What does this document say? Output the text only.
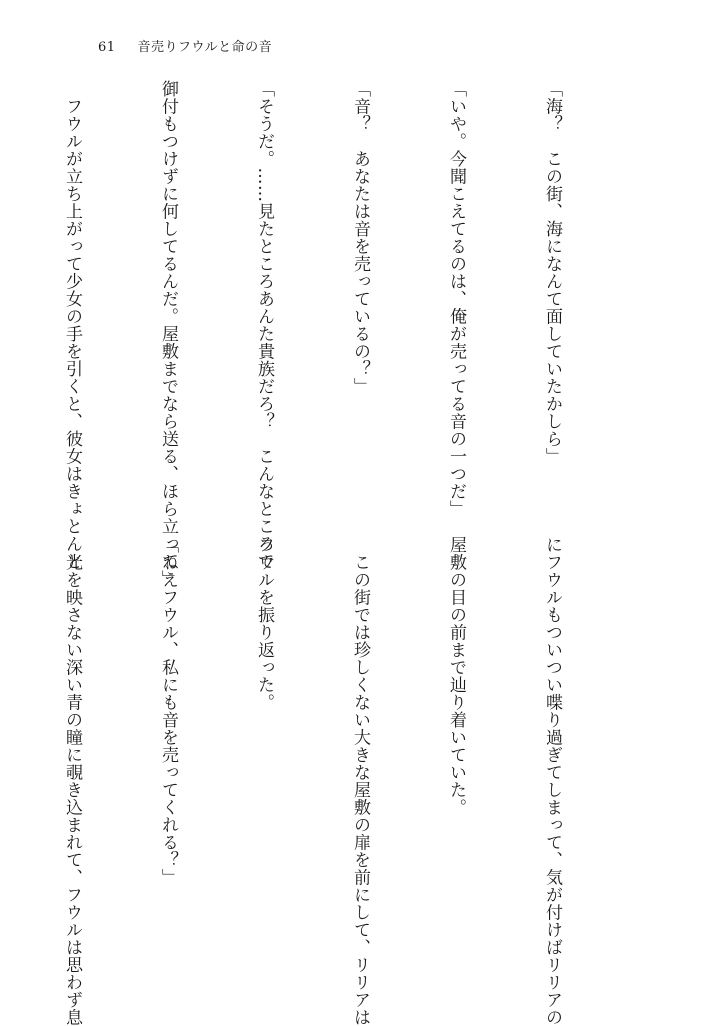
61 音売りフウルと命の音

「海？　この街、海になんて面していたかしら」

「いや。今聞こえてるのは、俺が売ってる音の一つだ」

「音？　あなたは音を売っているの？」

「そうだ。……見たところあんた貴族だろ？　こんなところで

御付もつけずに何してるんだ。屋敷までなら送る、ほら立って」

　フウルが立ち上がって少女の手を引くと、彼女はきょとんと

にフウルもついつい喋り過ぎてしまって、気が付けばリリアの

屋敷の目の前まで辿り着いていた。

　この街では珍しくない大きな屋敷の扉を前にして、リリアは

フウルを振り返った。

「ねえフウル、私にも音を売ってくれる？」

　光を映さない深い青の瞳に覗き込まれて、フウルは思わず息
